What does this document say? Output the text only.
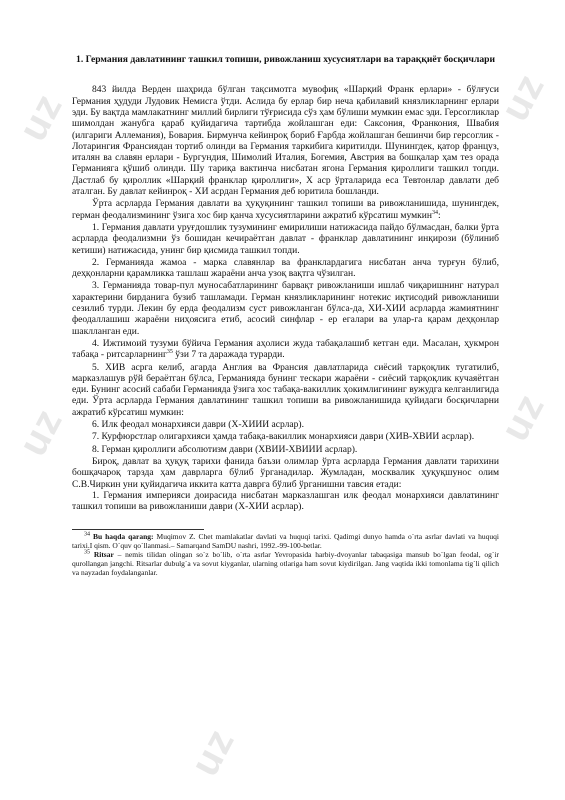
uz	uz
uz	uz
uz
1. Германия давлатининг ташкил топиши, ривожланиш хусусиятлари ва тараққиёт босқичлари

843 йилда Верден шаҳрида бўлган тақсимотга мувофиқ «Шарқий Франк ерлари» - бўлғуси Германия ҳудуди Лудовик Немисга ўтди. Аслида бу ерлар бир неча қабилавий князликларнинг ерлари эди. Бу вақтда мамлакатнинг миллий бирлиги тўғрисида сўз ҳам бўлиши мумкин емас эди. Герсогликлар шимолдан жанубга қараб қуйидагича тартибда жойлашган еди: Саксония, Франкония, Швабия (илгариги Аллемания), Бовария. Бирмунча кейинроқ бориб Ғарбда жойлашган бешинчи бир герсоглик - Лотарингия Франсиядан тортиб олинди ва Германия таркибига киритилди. Шунингдек, қатор француз, италян ва славян ерлари - Бургундия, Шимолий Италия, Богемия, Австрия ва бошқалар ҳам тез орада Германияга қўшиб олинди. Шу тариқа вактинча нисбатан ягона Германия қироллиги ташкил топди. Дастлаб бу қироллик «Шарқий франклар қироллиги», Х аср ўрталарида еса Тевтонлар давлати деб аталган. Бу давлат кейинроқ - ХИ асрдан Германия деб юритила бошланди.

Ўрта асрларда Германия давлати ва ҳуқуқининг ташкил топиши ва ривожланишида, шунингдек, герман феодализмининг ўзига хос бир қанча хусусиятларини ажратиб кўрсатиш мумкин$^{34}$:

1. Германия давлати уруғдошлик тузумининг емирилиши натижасида пайдо бўлмасдан, балки ўрта асрларда феодализмни ўз бошидан кечираётган давлат - франклар давлатининг инқирози (бўлиниб кетиши) натижасида, унинг бир қисмида ташкил топди.

2. Германияда жамоа - марка славянлар ва франклардагига нисбатан анча турғун бўлиб, деҳқонларни қарамликка ташлаш жараёни анча узоқ вақтга чўзилган.

3. Германияда товар-пул муносабатларининг барвақт ривожланиши ишлаб чиқаришнинг натурал характерини бирданига бузиб ташламади. Герман князликларининг нотекис иқтисодий ривожланиши сезилиб турди. Лекин бу ерда феодализм суст ривожланган бўлса-да, ХИ-ХИИ асрларда жамиятнинг феодаллашиш жараёни ниҳоясига етиб, асосий синфлар - ер егалари ва улар-га қарам деҳқонлар шаклланган еди.

4. Ижтимоий тузуми бўйича Германия аҳолиси жуда табақалашиб кетган еди. Масалан, ҳукмрон табақа - ритсарларнинг$^{35}$ ўзи 7 та даражада турарди.

5. ХИВ асрга келиб, агарда Англия ва Франсия давлатларида сиёсий тарқоқлик тугатилиб, марказлашув рўй бераётган бўлса, Германияда бунинг тескари жараёни - сиёсий тарқоқлик кучаяётган еди. Бунинг асосий сабаби Германияда ўзига хос табақа-вакиллик ҳокимлигининг вужудга келганлигида еди. Ўрта асрларда Германия давлатининг ташкил топиши ва ривожланишида қуйидаги босқичларни ажратиб кўрсатиш мумкин:

6. Илк феодал монархияси даври (Х-ХИИИ асрлар).

7. Курфюрстлар олигархияси ҳамда табақа-вакиллик монархияси даври (ХИВ-ХВИИ асрлар).

8. Герман қироллиги абсолютизм даври (ХВИИ-ХВИИИ асрлар).

Бироқ, давлат ва ҳуқуқ тарихи фанида баъзи олимлар ўрта асрларда Германия давлати тарихини бошқачароқ тарзда ҳам даврларга бўлиб ўрганадилар. Жумладан, москвалик ҳуқуқшунос олим С.В.Чиркин уни қуйидагича иккита катта даврга бўлиб ўрганишни тавсия етади:

1. Германия империяси доирасида нисбатан марказлашган илк феодал монархияси давлатининг ташкил топиши ва ривожланиши даври (Х-ХИИ асрлар).

$^{34}$ Bu haqda qarang: Muqimov Z. Chet mamlakatlar davlati va huquqi tarixi. Qadimgi dunyo hamda o`rta asrlar davlati va huquqi tarixi.I qism. O`quv qo`llanmasi.– Samarqand SamDU nashri, 1992.-99-100-betlar.

$^{35}$ Ritsar – nemis tilidan olingan so`z bo`lib, o`rta asrlar Yevropasida harbiy-dvoyanlar tabaqasiga mansub bo`lgan feodal, og`ir qurollangan jangchi. Ritsarlar dubulg`a va sovut kiyganlar, ularning otlariga ham sovut kiydirilgan. Jang vaqtida ikki tomonlama tig`li qilich va nayzadan foydalanganlar.
